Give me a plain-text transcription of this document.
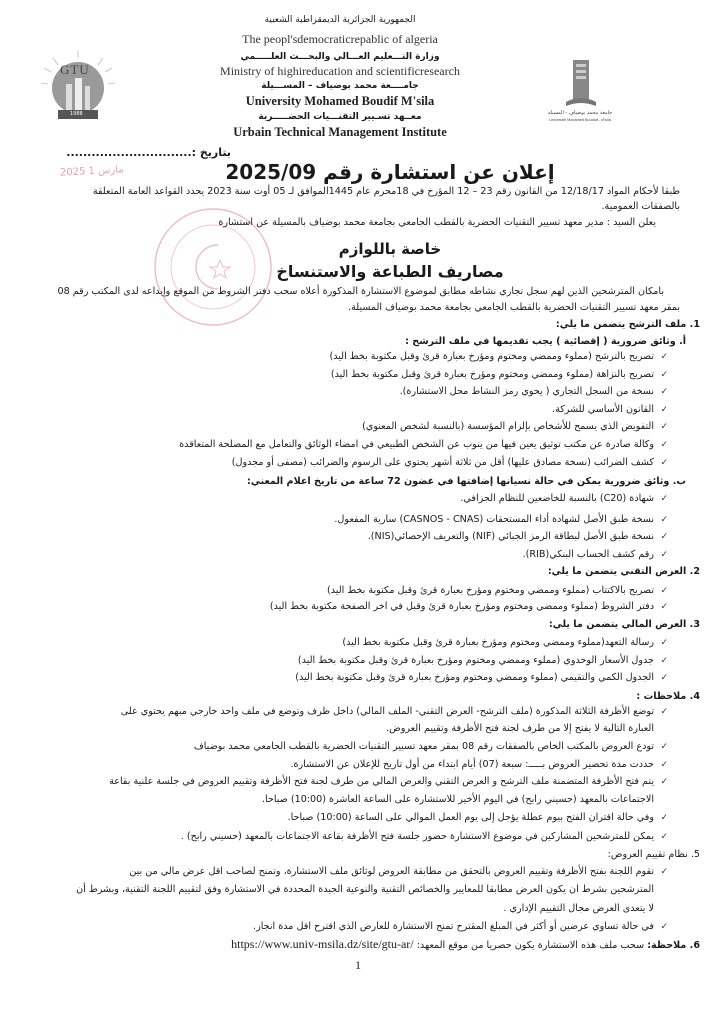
الجمهورية الجزائرية الديمقراطية الشعبية
The peopl'sdemocraticrepablic of algeria
وزارة التـــعليم العـــالي والبحـــث العلـــــمي
Ministry of highireducation and scientificresearch
جامــــعة محمد بوضياف – المســـيلة
University Mohamed Boudif M'sila
معــهد تسـيير التقنـــيات الحضـــــرية
Urbain Technical Management Institute
GTU
1988	جامعة محمد بوضياف - المسيلة
Université Mohamed Boudiaf - M'sila
بتاريخ :..............................
2025 مارس 1	إعلان عن استشارة رقم 2025/09
طبقا لأحكام المواد 12/18/17 من القانون رقم 23 – 12 المؤرخ في 18محرم عام 1445الموافق لـ 05 أوت سنة 2023 يحدد القواعد العامة المتعلقة
بالصفقات العمومية.
يعلن السيد : مدير معهد تسيير التقنيات الحضرية بالقطب الجامعي بجامعة محمد بوضياف بالمسيلة عن استشارة
خاصة باللوازم
مصاريف الطباعة والاستنساخ
بامكان المترشحين الذين لهم سجل تجاري نشاطه مطابق لموضوع الاستشارة المذكورة أعلاه سحب دفتر الشروط من الموقع وإيداعه لدى المكتب رقم 08
بمقر معهد تسيير التقنيات الحضرية بالقطب الجامعي بجامعة محمد بوضياف المسيلة.
1. ملف الترشح يتضمن ما يلي:
أ. وثائق ضرورية ( إقصائية ) يجب تقديمها في ملف الترشح :
تصريح بالترشح (مملوء وممضي ومختوم ومؤرخ بعبارة قرئ وقبل مكتوبة بخط اليد) ✓
تصريح بالنزاهة (مملوء وممضي ومختوم ومؤرخ بعبارة قرئ وقبل مكتوبة بخط اليد) ✓
نسخة من السجل التجاري ( يحوي رمز النشاط محل الاستشارة). ✓
القانون الأساسي للشركة. ✓
التفويض الذي يسمح للأشخاص بإلزام المؤسسة (بالنسبة لشخص المعنوي) ✓
وكالة صادرة عن مكتب توثيق يعين فيها من ينوب عن الشخص الطبيعي في امضاء الوثائق والتعامل مع المصلحة المتعاقدة ✓
كشف الضرائب (نسخة مصادق عليها) أقل من ثلاثة أشهر يحتوي على الرسوم والضرائب (مصفى أو مجدول) ✓
ب. وثائق ضرورية يمكن في حالة نسيانها إضافتها في غضون 72 ساعة من تاريخ اعلام المعني:
شهادة (C20) بالنسبة للخاضعين للنظام الجزافي. ✓
نسخة طبق الأصل لشهادة أداء المستحقات (CASNOS - CNAS) سارية المفعول. ✓
نسخة طبق الأصل لبطاقة الرمز الجبائي (NIF) والتعريف الإحصائي(NIS). ✓
رقم كشف الحساب البنكي(RIB). ✓
2. العرض التقني يتضمن ما يلي:
تصريح بالاكتتاب (مملوء وممضي ومختوم ومؤرخ بعبارة قرئ وقبل مكتوبة بخط اليد) ✓
دفتر الشروط (مملوء وممضي ومختوم ومؤرخ بعبارة قرئ وقبل في اخر الصفحة مكتوبة بخط اليد) ✓
3. العرض المالي يتضمن ما يلي:
رسالة التعهد(مملوء وممضي ومختوم ومؤرخ بعبارة قرئ وقبل مكتوبة بخط اليد) ✓
جدول الأسعار الوحدوي (مملوء وممضي ومختوم ومؤرخ بعبارة قرئ وقبل مكتوبة بخط اليد) ✓
الجدول الكمي والتقيمي (مملوء وممضي ومختوم ومؤرخ بعبارة قرئ وقبل مكتوبة بخط اليد) ✓
4. ملاحظات :
توضع الأظرفة الثلاثة المذكورة (ملف الترشح- العرض التقني- الملف المالي) داخل ظرف وتوضع في ملف واحد خارجي مبهم يحتوي على ✓
العبارة التالية لا يفتح إلا من طرف لجنة فتح الأظرفة وتقييم العروض.
تودع العروض بالمكتب الخاص بالصفقات رقم 08 بمقر معهد تسيير التقنيات الحضرية بالقطب الجامعي محمد بوضياف ✓
حددت مدة تحضير العروض بـــــ: سبعة (07) أيام ابتداء من أول تاريخ للإعلان عن الاستشارة. ✓
يتم فتح الأظرفة المتضمنة ملف الترشح و العرض التقني والعرض المالي من طرف لجنة فتح الأظرفة وتقييم العروض في جلسة علنية بقاعة ✓
الاجتماعات بالمعهد (حسيني رابح) في اليوم الأخير للاستشارة على الساعة العاشرة (10:00) صباحا.
وفي حالة اقتران الفتح بيوم عطلة يؤجل إلى يوم العمل الموالي على الساعة (10:00) صباحا. ✓
يمكن للمترشحين المشاركين في موضوع الاستشارة حضور جلسة فتح الأظرفة بقاعة الاجتماعات بالمعهد (حسيني رابح) . ✓
5. نظام تقييم العروض:
تقوم اللجنة بفتح الأظرفة وتقييم العروض بالتحقق من مطابقة العروض لوثائق ملف الاستشارة، وتمنح لصاحب اقل عرض مالي من بين ✓
المترشحين بشرط ان يكون العرض مطابقا للمعايير والخصائص التقنية والنوعية الجيدة المحددة في الاستشارة وفق لتقييم اللجنة التقنية، وبشرط أن
لا يتعدى العرض مجال التقييم الإداري .
في حالة تساوي عرضين أو أكثر في المبلغ المقترح تمنح الاستشارة للعارض الذي اقترح اقل مدة انجاز. ✓
6. ملاحظة: سحب ملف هذه الاستشارة يكون حصريا من موقع المعهد: https://www.univ-msila.dz/site/gtu-ar/
1
